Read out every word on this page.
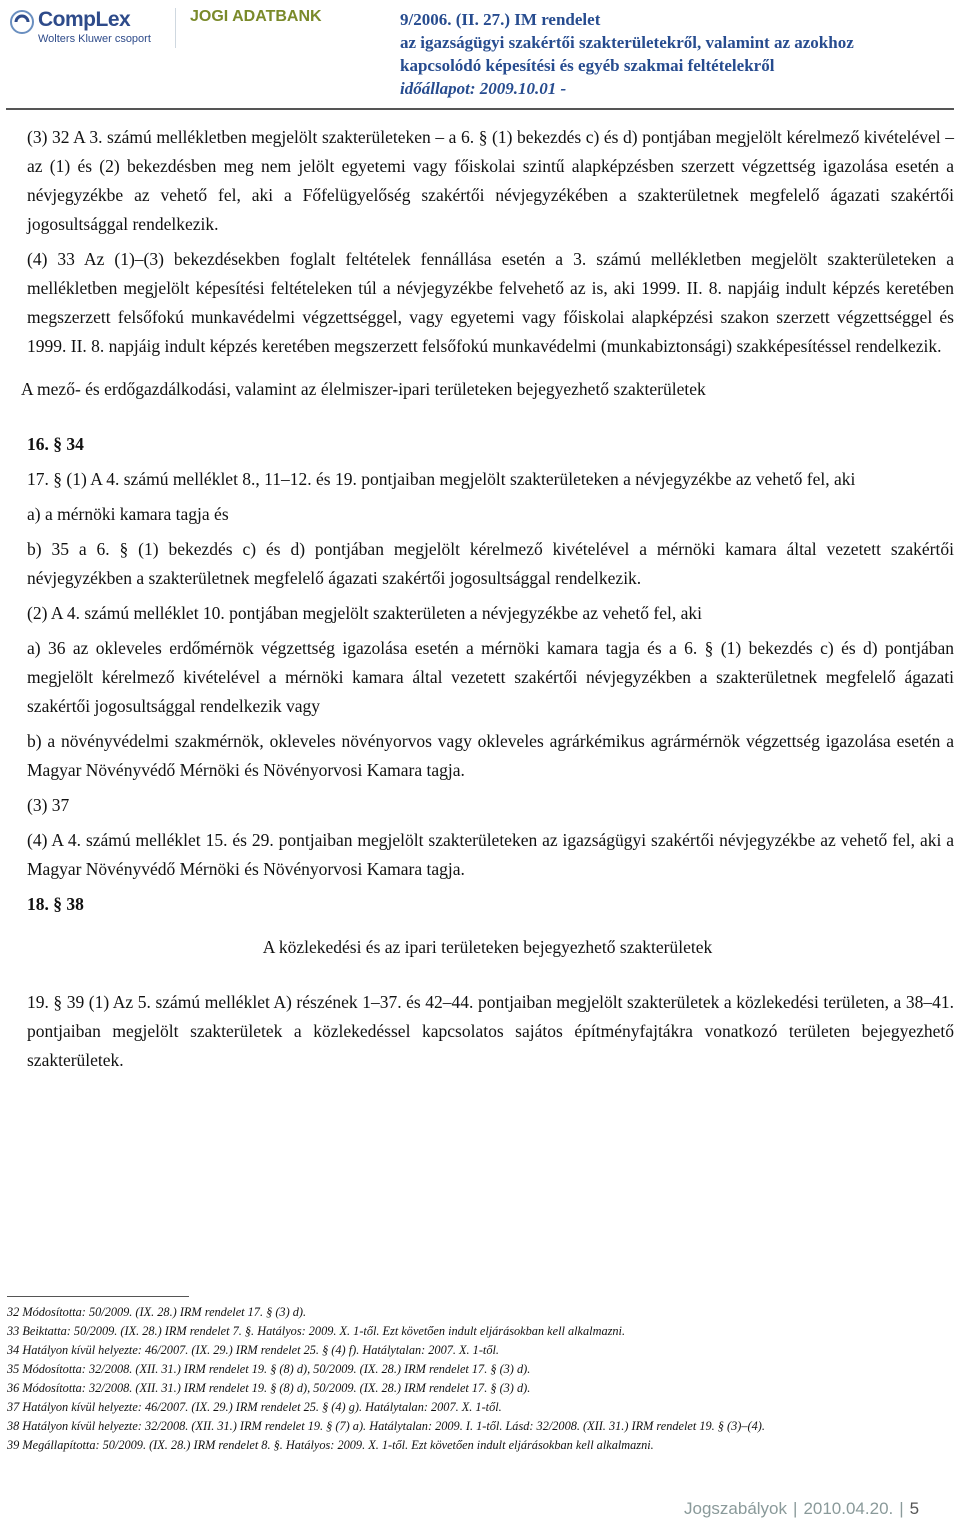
CompLex
Wolters Kluwer csoport
JOGI ADATBANK	9/2006. (II. 27.) IM rendelet
az igazságügyi szakértői szakterületekről, valamint az azokhoz
kapcsolódó képesítési és egyéb szakmai feltételekről
időállapot: 2009.10.01 -

(3) 32 A 3. számú mellékletben megjelölt szakterületeken – a 6. § (1) bekezdés c) és d) pontjában megjelölt kérelmező kivételével – az (1) és (2) bekezdésben meg nem jelölt egyetemi vagy főiskolai szintű alapképzésben szerzett végzettség igazolása esetén a névjegyzékbe az vehető fel, aki a Főfelügyelőség szakértői névjegyzékében a szakterületnek megfelelő ágazati szakértői jogosultsággal rendelkezik.

(4) 33 Az (1)–(3) bekezdésekben foglalt feltételek fennállása esetén a 3. számú mellékletben megjelölt szakterületeken a mellékletben megjelölt képesítési feltételeken túl a névjegyzékbe felvehető az is, aki 1999. II. 8. napjáig indult képzés keretében megszerzett felsőfokú munkavédelmi végzettséggel, vagy egyetemi vagy főiskolai alapképzési szakon szerzett végzettséggel és 1999. II. 8. napjáig indult képzés keretében megszerzett felsőfokú munkavédelmi (munkabiztonsági) szakképesítéssel rendelkezik.

A mező- és erdőgazdálkodási, valamint az élelmiszer-ipari területeken bejegyezhető szakterületek

16. § 34

17. § (1) A 4. számú melléklet 8., 11–12. és 19. pontjaiban megjelölt szakterületeken a névjegyzékbe az vehető fel, aki

a) a mérnöki kamara tagja és

b) 35 a 6. § (1) bekezdés c) és d) pontjában megjelölt kérelmező kivételével a mérnöki kamara által vezetett szakértői névjegyzékben a szakterületnek megfelelő ágazati szakértői jogosultsággal rendelkezik.

(2) A 4. számú melléklet 10. pontjában megjelölt szakterületen a névjegyzékbe az vehető fel, aki

a) 36 az okleveles erdőmérnök végzettség igazolása esetén a mérnöki kamara tagja és a 6. § (1) bekezdés c) és d) pontjában megjelölt kérelmező kivételével a mérnöki kamara által vezetett szakértői névjegyzékben a szakterületnek megfelelő ágazati szakértői jogosultsággal rendelkezik vagy

b) a növényvédelmi szakmérnök, okleveles növényorvos vagy okleveles agrárkémikus agrármérnök végzettség igazolása esetén a Magyar Növényvédő Mérnöki és Növényorvosi Kamara tagja.

(3) 37

(4) A 4. számú melléklet 15. és 29. pontjaiban megjelölt szakterületeken az igazságügyi szakértői névjegyzékbe az vehető fel, aki a Magyar Növényvédő Mérnöki és Növényorvosi Kamara tagja.

18. § 38

A közlekedési és az ipari területeken bejegyezhető szakterületek

19. § 39 (1) Az 5. számú melléklet A) részének 1–37. és 42–44. pontjaiban megjelölt szakterületek a közlekedési területen, a 38–41. pontjaiban megjelölt szakterületek a közlekedéssel kapcsolatos sajátos építményfajtákra vonatkozó területen bejegyezhető szakterületek.

32 Módosította: 50/2009. (IX. 28.) IRM rendelet 17. § (3) d).
33 Beiktatta: 50/2009. (IX. 28.) IRM rendelet 7. §. Hatályos: 2009. X. 1-től. Ezt követően indult eljárásokban kell alkalmazni.
34 Hatályon kívül helyezte: 46/2007. (IX. 29.) IRM rendelet 25. § (4) f). Hatálytalan: 2007. X. 1-től.
35 Módosította: 32/2008. (XII. 31.) IRM rendelet 19. § (8) d), 50/2009. (IX. 28.) IRM rendelet 17. § (3) d).
36 Módosította: 32/2008. (XII. 31.) IRM rendelet 19. § (8) d), 50/2009. (IX. 28.) IRM rendelet 17. § (3) d).
37 Hatályon kívül helyezte: 46/2007. (IX. 29.) IRM rendelet 25. § (4) g). Hatálytalan: 2007. X. 1-től.
38 Hatályon kívül helyezte: 32/2008. (XII. 31.) IRM rendelet 19. § (7) a). Hatálytalan: 2009. I. 1-től. Lásd: 32/2008. (XII. 31.) IRM rendelet 19. § (3)–(4).
39 Megállapította: 50/2009. (IX. 28.) IRM rendelet 8. §. Hatályos: 2009. X. 1-től. Ezt követően indult eljárásokban kell alkalmazni.
Jogszabályok | 2010.04.20. | 5
